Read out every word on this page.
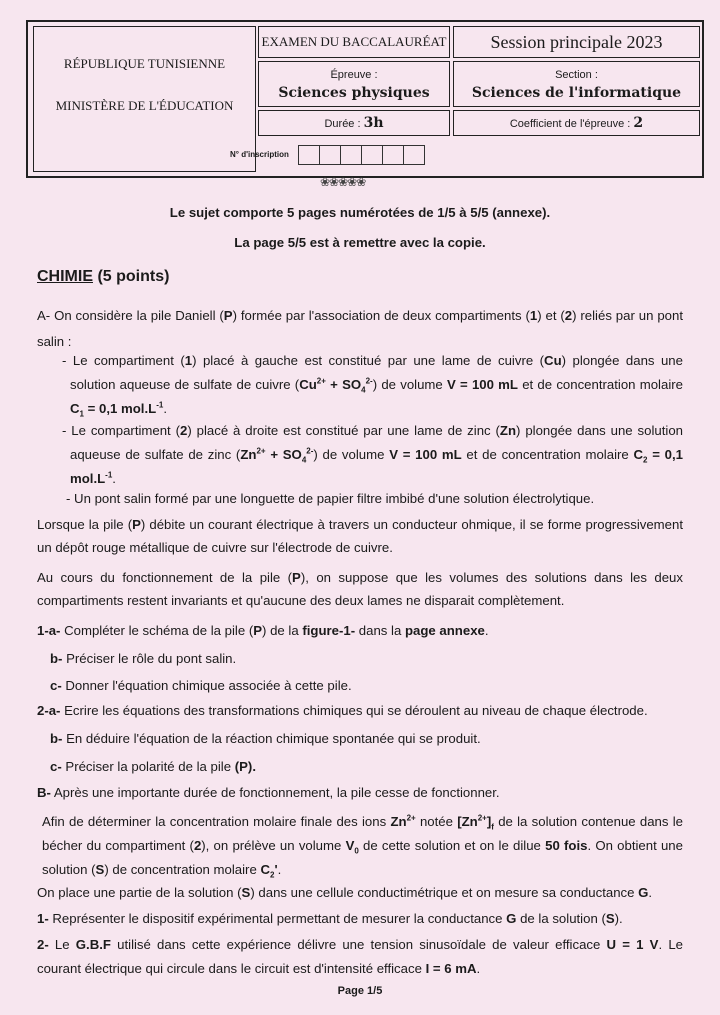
RÉPUBLIQUE TUNISIENNE
MINISTÈRE DE L'ÉDUCATION
EXAMEN DU BACCALAURÉAT	Session principale 2023
Épreuve :
Sciences physiques
Section :
Sciences de l'informatique
Durée : 3h	Coefficient de l'épreuve : 2
N° d'inscription
❀❀❀❀❀
Le sujet comporte 5 pages numérotées de 1/5 à 5/5 (annexe).
La page 5/5 est à remettre avec la copie.
CHIMIE (5 points)
A- On considère la pile Daniell (P) formée par l'association de deux compartiments (1) et (2) reliés par un pont salin :
- Le compartiment (1) placé à gauche est constitué par une lame de cuivre (Cu) plongée dans une solution aqueuse de sulfate de cuivre $(Cu^{2+} + SO_4^{2-})$ de volume V = 100 mL et de concentration molaire $C_1 = 0,1$ $mol.L^{-1}$.
- Le compartiment (2) placé à droite est constitué par une lame de zinc (Zn) plongée dans une solution aqueuse de sulfate de zinc $(Zn^{2+} + SO_4^{2-})$ de volume V = 100 mL et de concentration molaire $C_2 = 0,1$ $mol.L^{-1}$.
- Un pont salin formé par une longuette de papier filtre imbibé d'une solution électrolytique.
Lorsque la pile (P) débite un courant électrique à travers un conducteur ohmique, il se forme progressivement un dépôt rouge métallique de cuivre sur l'électrode de cuivre.
Au cours du fonctionnement de la pile (P), on suppose que les volumes des solutions dans les deux compartiments restent invariants et qu'aucune des deux lames ne disparait complètement.
1-a- Compléter le schéma de la pile (P) de la figure-1- dans la page annexe.
b- Préciser le rôle du pont salin.
c- Donner l'équation chimique associée à cette pile.
2-a- Ecrire les équations des transformations chimiques qui se déroulent au niveau de chaque électrode.
b- En déduire l'équation de la réaction chimique spontanée qui se produit.
c- Préciser la polarité de la pile (P).
B- Après une importante durée de fonctionnement, la pile cesse de fonctionner.
Afin de déterminer la concentration molaire finale des ions $Zn^{2+}$ notée $[Zn^{2+}]_f$ de la solution contenue dans le bécher du compartiment (2), on prélève un volume $V_0$ de cette solution et on le dilue 50 fois. On obtient une solution (S) de concentration molaire $C_2'$.
On place une partie de la solution (S) dans une cellule conductimétrique et on mesure sa conductance G.
1- Représenter le dispositif expérimental permettant de mesurer la conductance G de la solution (S).
2- Le G.B.F utilisé dans cette expérience délivre une tension sinusoïdale de valeur efficace U = 1 V. Le courant électrique qui circule dans le circuit est d'intensité efficace I = 6 mA.
Page 1/5
